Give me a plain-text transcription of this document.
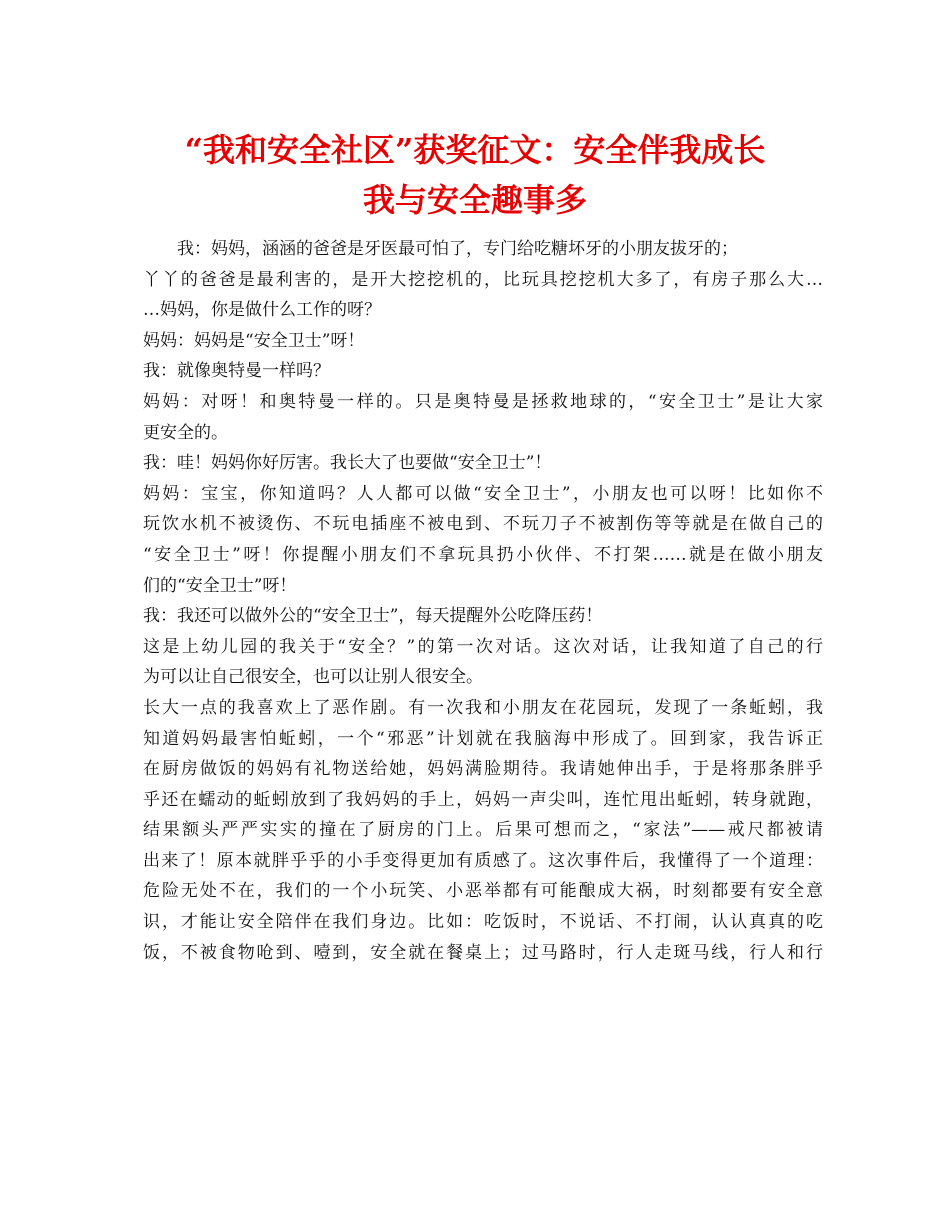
“我和安全社区”获奖征文：安全伴我成长
我与安全趣事多
我：妈妈，涵涵的爸爸是牙医最可怕了，专门给吃糖坏牙的小朋友拔牙的；
丫丫的爸爸是最利害的，是开大挖挖机的，比玩具挖挖机大多了，有房子那么大…
…妈妈，你是做什么工作的呀？
妈妈：妈妈是“安全卫士”呀！
我：就像奥特曼一样吗？
妈妈：对呀！和奥特曼一样的。只是奥特曼是拯救地球的，“安全卫士”是让大家
更安全的。
我：哇！妈妈你好厉害。我长大了也要做“安全卫士”！
妈妈：宝宝，你知道吗？人人都可以做“安全卫士”，小朋友也可以呀！比如你不
玩饮水机不被烫伤、不玩电插座不被电到、不玩刀子不被割伤等等就是在做自己的
“安全卫士”呀！你提醒小朋友们不拿玩具扔小伙伴、不打架……就是在做小朋友
们的“安全卫士”呀！
我：我还可以做外公的“安全卫士”，每天提醒外公吃降压药！
这是上幼儿园的我关于“安全？”的第一次对话。这次对话，让我知道了自己的行
为可以让自己很安全，也可以让别人很安全。
长大一点的我喜欢上了恶作剧。有一次我和小朋友在花园玩，发现了一条蚯蚓，我
知道妈妈最害怕蚯蚓，一个“邪恶”计划就在我脑海中形成了。回到家，我告诉正
在厨房做饭的妈妈有礼物送给她，妈妈满脸期待。我请她伸出手，于是将那条胖乎
乎还在蠕动的蚯蚓放到了我妈妈的手上，妈妈一声尖叫，连忙甩出蚯蚓，转身就跑，
结果额头严严实实的撞在了厨房的门上。后果可想而之，“家法”——戒尺都被请
出来了！原本就胖乎乎的小手变得更加有质感了。这次事件后，我懂得了一个道理：
危险无处不在，我们的一个小玩笑、小恶举都有可能酿成大祸，时刻都要有安全意
识，才能让安全陪伴在我们身边。比如：吃饭时，不说话、不打闹，认认真真的吃
饭，不被食物呛到、噎到，安全就在餐桌上；过马路时，行人走斑马线，行人和行
